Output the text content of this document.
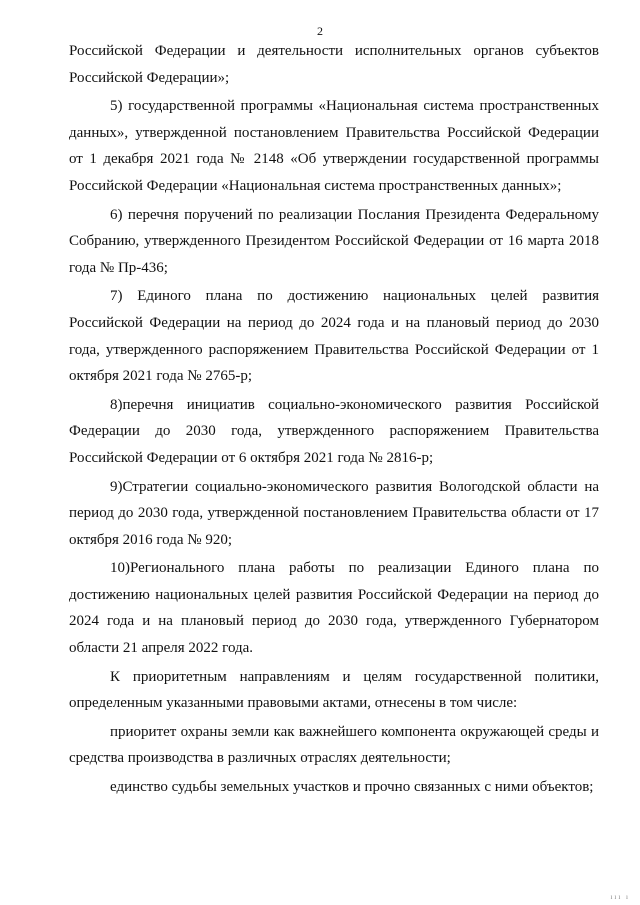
2

Российской Федерации и деятельности исполнительных органов субъектов Российской Федерации»;

5) государственной программы «Национальная система пространственных данных», утвержденной постановлением Правительства Российской Федерации от 1 декабря 2021 года № 2148 «Об утверждении государственной программы Российской Федерации «Национальная система пространственных данных»;

6) перечня поручений по реализации Послания Президента Федеральному Собранию, утвержденного Президентом Российской Федерации от 16 марта 2018 года № Пр-436;

7) Единого плана по достижению национальных целей развития Российской Федерации на период до 2024 года и на плановый период до 2030 года, утвержденного распоряжением Правительства Российской Федерации от 1 октября 2021 года № 2765-р;

8)перечня инициатив социально-экономического развития Российской Федерации до 2030 года, утвержденного распоряжением Правительства Российской Федерации от 6 октября 2021 года № 2816-р;

9)Стратегии социально-экономического развития Вологодской области на период до 2030 года, утвержденной постановлением Правительства области от 17 октября 2016 года № 920;

10)Регионального плана работы по реализации Единого плана по достижению национальных целей развития Российской Федерации на период до 2024 года и на плановый период до 2030 года, утвержденного Губернатором области 21 апреля 2022 года.

К приоритетным направлениям и целям государственной политики, определенным указанными правовыми актами, отнесены в том числе:

приоритет охраны земли как важнейшего компонента окружающей среды и средства производства в различных отраслях деятельности;

единство судьбы земельных участков и прочно связанных с ними объектов;

ııı ı
